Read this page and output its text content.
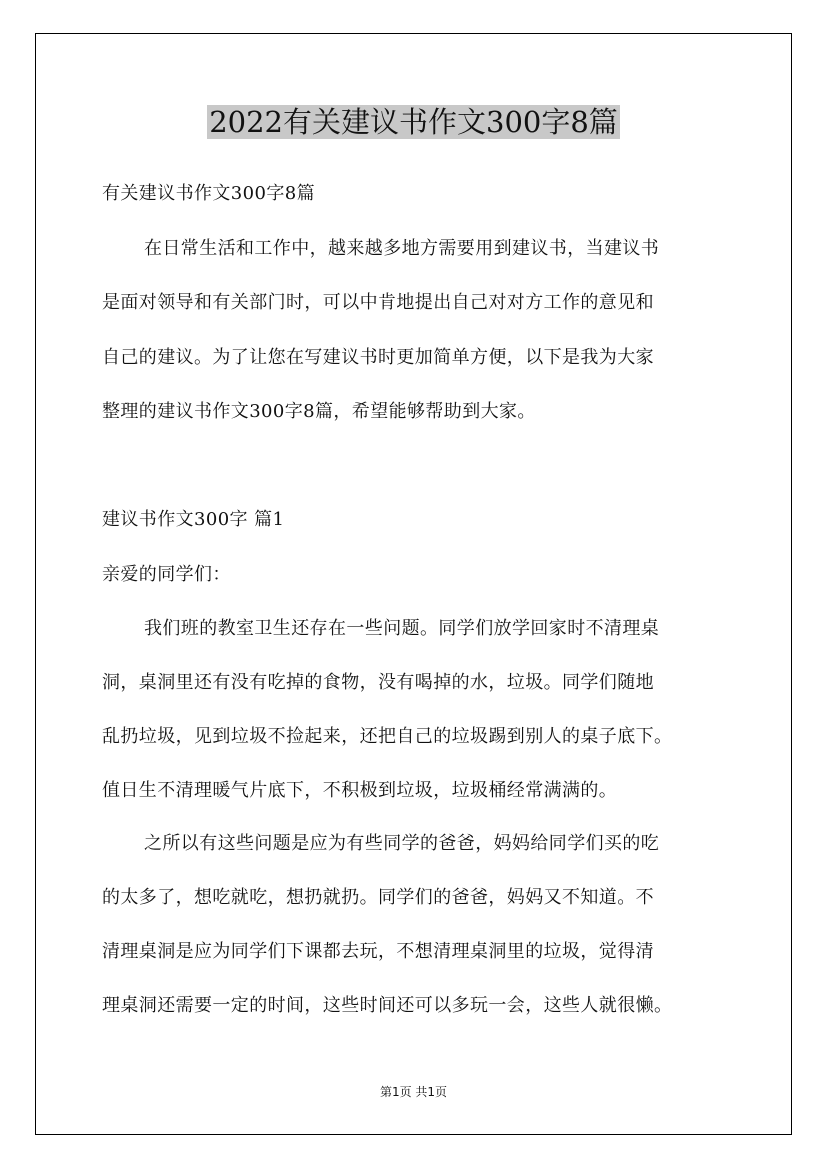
2022有关建议书作文300字8篇
有关建议书作文300字8篇
在日常生活和工作中，越来越多地方需要用到建议书，当建议书
是面对领导和有关部门时，可以中肯地提出自己对对方工作的意见和
自己的建议。为了让您在写建议书时更加简单方便，以下是我为大家
整理的建议书作文300字8篇，希望能够帮助到大家。
建议书作文300字 篇1
亲爱的同学们：
我们班的教室卫生还存在一些问题。同学们放学回家时不清理桌
洞，桌洞里还有没有吃掉的食物，没有喝掉的水，垃圾。同学们随地
乱扔垃圾，见到垃圾不捡起来，还把自己的垃圾踢到别人的桌子底下。
值日生不清理暖气片底下，不积极到垃圾，垃圾桶经常满满的。
之所以有这些问题是应为有些同学的爸爸，妈妈给同学们买的吃
的太多了，想吃就吃，想扔就扔。同学们的爸爸，妈妈又不知道。不
清理桌洞是应为同学们下课都去玩，不想清理桌洞里的垃圾，觉得清
理桌洞还需要一定的时间，这些时间还可以多玩一会，这些人就很懒。
第1页 共1页
